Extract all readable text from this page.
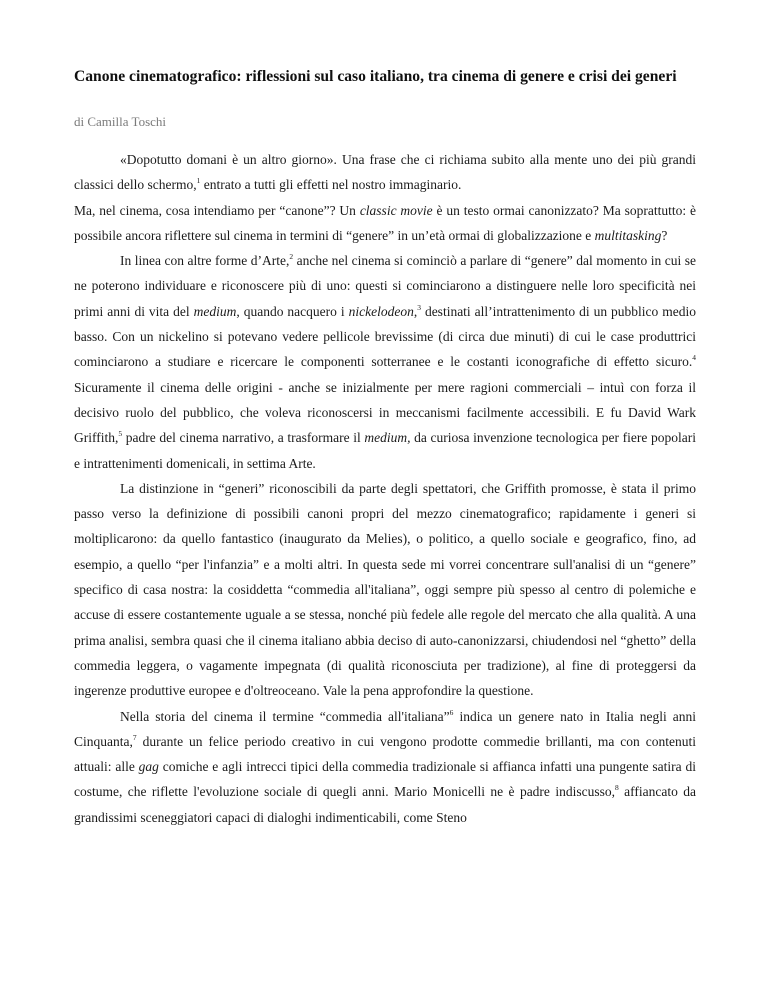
Canone cinematografico: riflessioni sul caso italiano, tra cinema di genere e crisi dei generi
di Camilla Toschi

«Dopotutto domani è un altro giorno». Una frase che ci richiama subito alla mente uno dei più grandi classici dello schermo,$^1$ entrato a tutti gli effetti nel nostro immaginario.

Ma, nel cinema, cosa intendiamo per “canone”? Un classic movie è un testo ormai canonizzato? Ma soprattutto: è possibile ancora riflettere sul cinema in termini di “genere” in un’età ormai di globalizzazione e multitasking?

In linea con altre forme d’Arte,$^2$ anche nel cinema si cominciò a parlare di “genere” dal momento in cui se ne poterono individuare e riconoscere più di uno: questi si cominciarono a distinguere nelle loro specificità nei primi anni di vita del medium, quando nacquero i nickelodeon,$^3$ destinati all’intrattenimento di un pubblico medio basso. Con un nickelino si potevano vedere pellicole brevissime (di circa due minuti) di cui le case produttrici cominciarono a studiare e ricercare le componenti sotterranee e le costanti iconografiche di effetto sicuro.$^4$ Sicuramente il cinema delle origini - anche se inizialmente per mere ragioni commerciali – intuì con forza il decisivo ruolo del pubblico, che voleva riconoscersi in meccanismi facilmente accessibili. E fu David Wark Griffith,$^5$ padre del cinema narrativo, a trasformare il medium, da curiosa invenzione tecnologica per fiere popolari e intrattenimenti domenicali, in settima Arte.

La distinzione in “generi” riconoscibili da parte degli spettatori, che Griffith promosse, è stata il primo passo verso la definizione di possibili canoni propri del mezzo cinematografico; rapidamente i generi si moltiplicarono: da quello fantastico (inaugurato da Melies), o politico, a quello sociale e geografico, fino, ad esempio, a quello “per l'infanzia” e a molti altri. In questa sede mi vorrei concentrare sull'analisi di un “genere” specifico di casa nostra: la cosiddetta “commedia all'italiana”, oggi sempre più spesso al centro di polemiche e accuse di essere costantemente uguale a se stessa, nonché più fedele alle regole del mercato che alla qualità. A una prima analisi, sembra quasi che il cinema italiano abbia deciso di auto-canonizzarsi, chiudendosi nel “ghetto” della commedia leggera, o vagamente impegnata (di qualità riconosciuta per tradizione), al fine di proteggersi da ingerenze produttive europee e d'oltreoceano. Vale la pena approfondire la questione.

Nella storia del cinema il termine “commedia all'italiana”$^6$ indica un genere nato in Italia negli anni Cinquanta,$^7$ durante un felice periodo creativo in cui vengono prodotte commedie brillanti, ma con contenuti attuali: alle gag comiche e agli intrecci tipici della commedia tradizionale si affianca infatti una pungente satira di costume, che riflette l'evoluzione sociale di quegli anni. Mario Monicelli ne è padre indiscusso,$^8$ affiancato da grandissimi sceneggiatori capaci di dialoghi indimenticabili, come Steno
